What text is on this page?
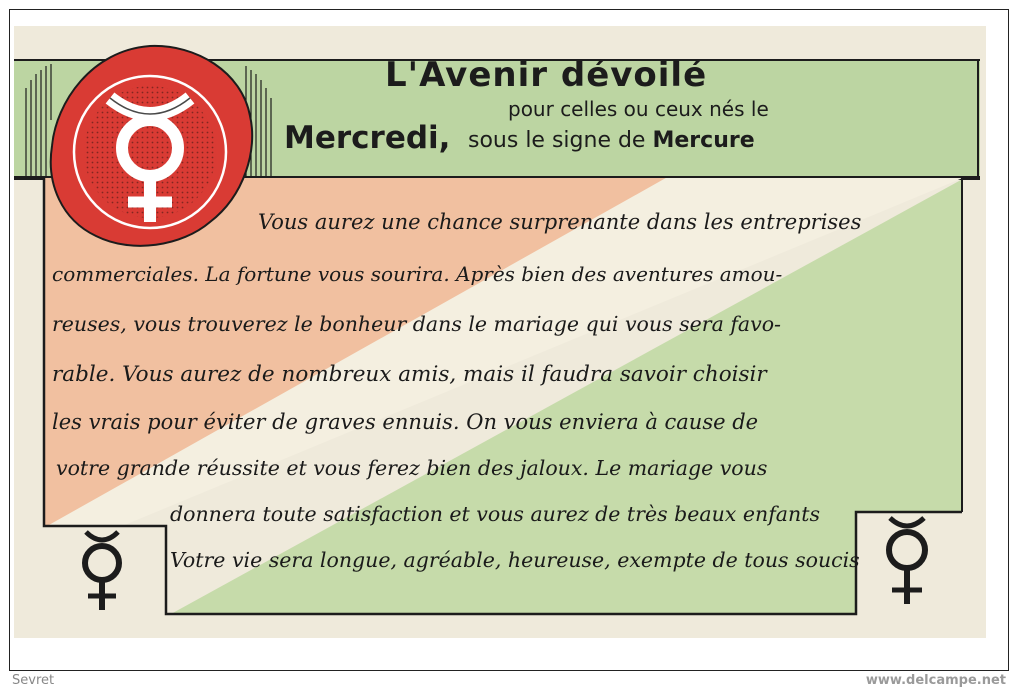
L'Avenir dévoilé
pour celles ou ceux nés le
Mercredi, sous le signe de Mercure
Vous aurez une chance surprenante dans les entreprises
commerciales. La fortune vous sourira. Après bien des aventures amou-
reuses, vous trouverez le bonheur dans le mariage qui vous sera favo-
rable. Vous aurez de nombreux amis, mais il faudra savoir choisir
les vrais pour éviter de graves ennuis. On vous enviera à cause de
votre grande réussite et vous ferez bien des jaloux. Le mariage vous
donnera toute satisfaction et vous aurez de très beaux enfants
Votre vie sera longue, agréable, heureuse, exempte de tous soucis
Sevret	www.delcampe.net
